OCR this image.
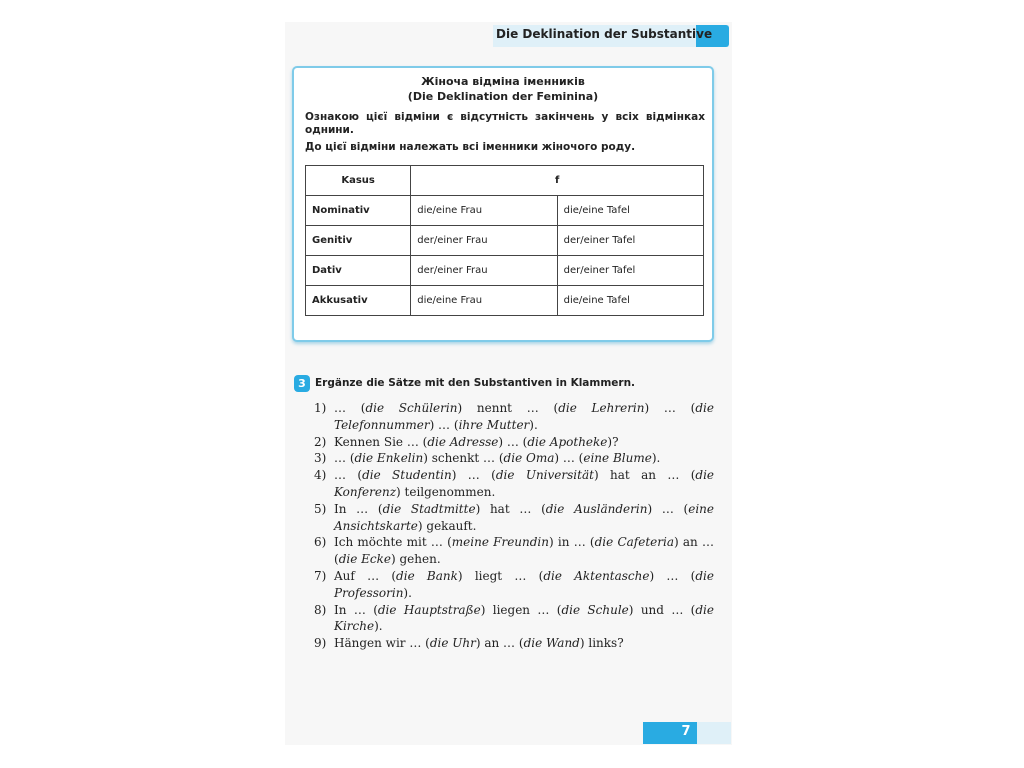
Die Deklination der Substantive
Жіноча відміна іменників
(Die Deklination der Feminina)
Ознакою цієї відміни є відсутність закінчень у всіх відмінках однини.
До цієї відміни належать всі іменники жіночого роду.
Kasus	f	
Nominativ	die/eine Frau	die/eine Tafel
Genitiv	der/einer Frau	der/einer Tafel
Dativ	der/einer Frau	der/einer Tafel
Akkusativ	die/eine Frau	die/eine Tafel
3 Ergänze die Sätze mit den Substantiven in Klammern.
1) … (die Schülerin) nennt … (die Lehrerin) … (die Telefonnummer) … (ihre Mutter).
2) Kennen Sie … (die Adresse) … (die Apotheke)?
3) … (die Enkelin) schenkt … (die Oma) … (eine Blume).
4) … (die Studentin) … (die Universität) hat an … (die Konferenz) teilgenommen.
5) In … (die Stadtmitte) hat … (die Ausländerin) … (eine Ansichtskarte) gekauft.
6) Ich möchte mit … (meine Freundin) in … (die Cafeteria) an … (die Ecke) gehen.
7) Auf … (die Bank) liegt … (die Aktentasche) … (die Professorin).
8) In … (die Hauptstraße) liegen … (die Schule) und … (die Kirche).
9) Hängen wir … (die Uhr) an … (die Wand) links?
7
